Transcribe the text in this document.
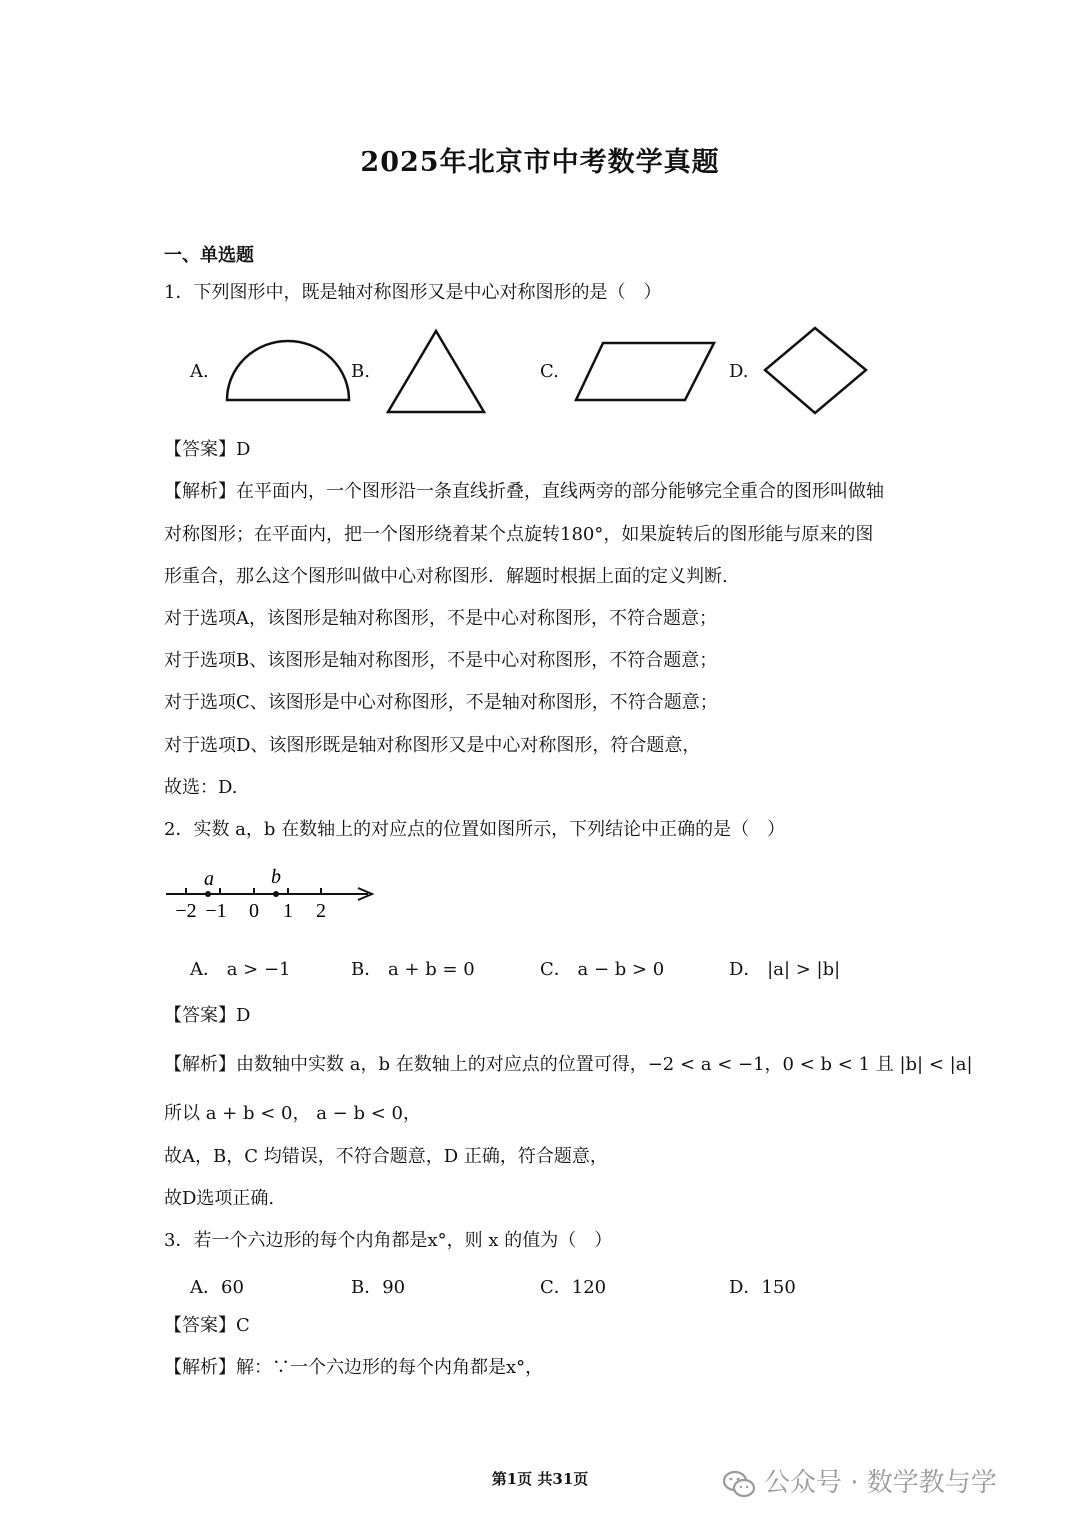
2025年北京市中考数学真题
一、单选题
1．下列图形中，既是轴对称图形又是中心对称图形的是（　）
A.	B.	C.	D.
【答案】D
【解析】在平面内，一个图形沿一条直线折叠，直线两旁的部分能够完全重合的图形叫做轴
对称图形；在平面内，把一个图形绕着某个点旋转180°，如果旋转后的图形能与原来的图
形重合，那么这个图形叫做中心对称图形．解题时根据上面的定义判断.
对于选项A，该图形是轴对称图形，不是中心对称图形，不符合题意；
对于选项B、该图形是轴对称图形，不是中心对称图形，不符合题意；
对于选项C、该图形是中心对称图形，不是轴对称图形，不符合题意；
对于选项D、该图形既是轴对称图形又是中心对称图形，符合题意，
故选：D.
2．实数 a，b 在数轴上的对应点的位置如图所示，下列结论中正确的是（　）
a	b
−2 −1 0 1 2
A． a > −1	B． a + b = 0	C． a − b > 0	D． |a| > |b|
【答案】D
【解析】由数轴中实数 a，b 在数轴上的对应点的位置可得，−2 < a < −1，0 < b < 1 且 |b| < |a|
所以 a + b < 0， a − b < 0，
故A，B，C 均错误，不符合题意，D 正确，符合题意，
故D选项正确.
3．若一个六边形的每个内角都是x°，则 x 的值为（　）
A．60	B．90	C．120	D．150
【答案】C
【解析】解：∵一个六边形的每个内角都是x°，
第1页 共31页	公众号 · 数学教与学
